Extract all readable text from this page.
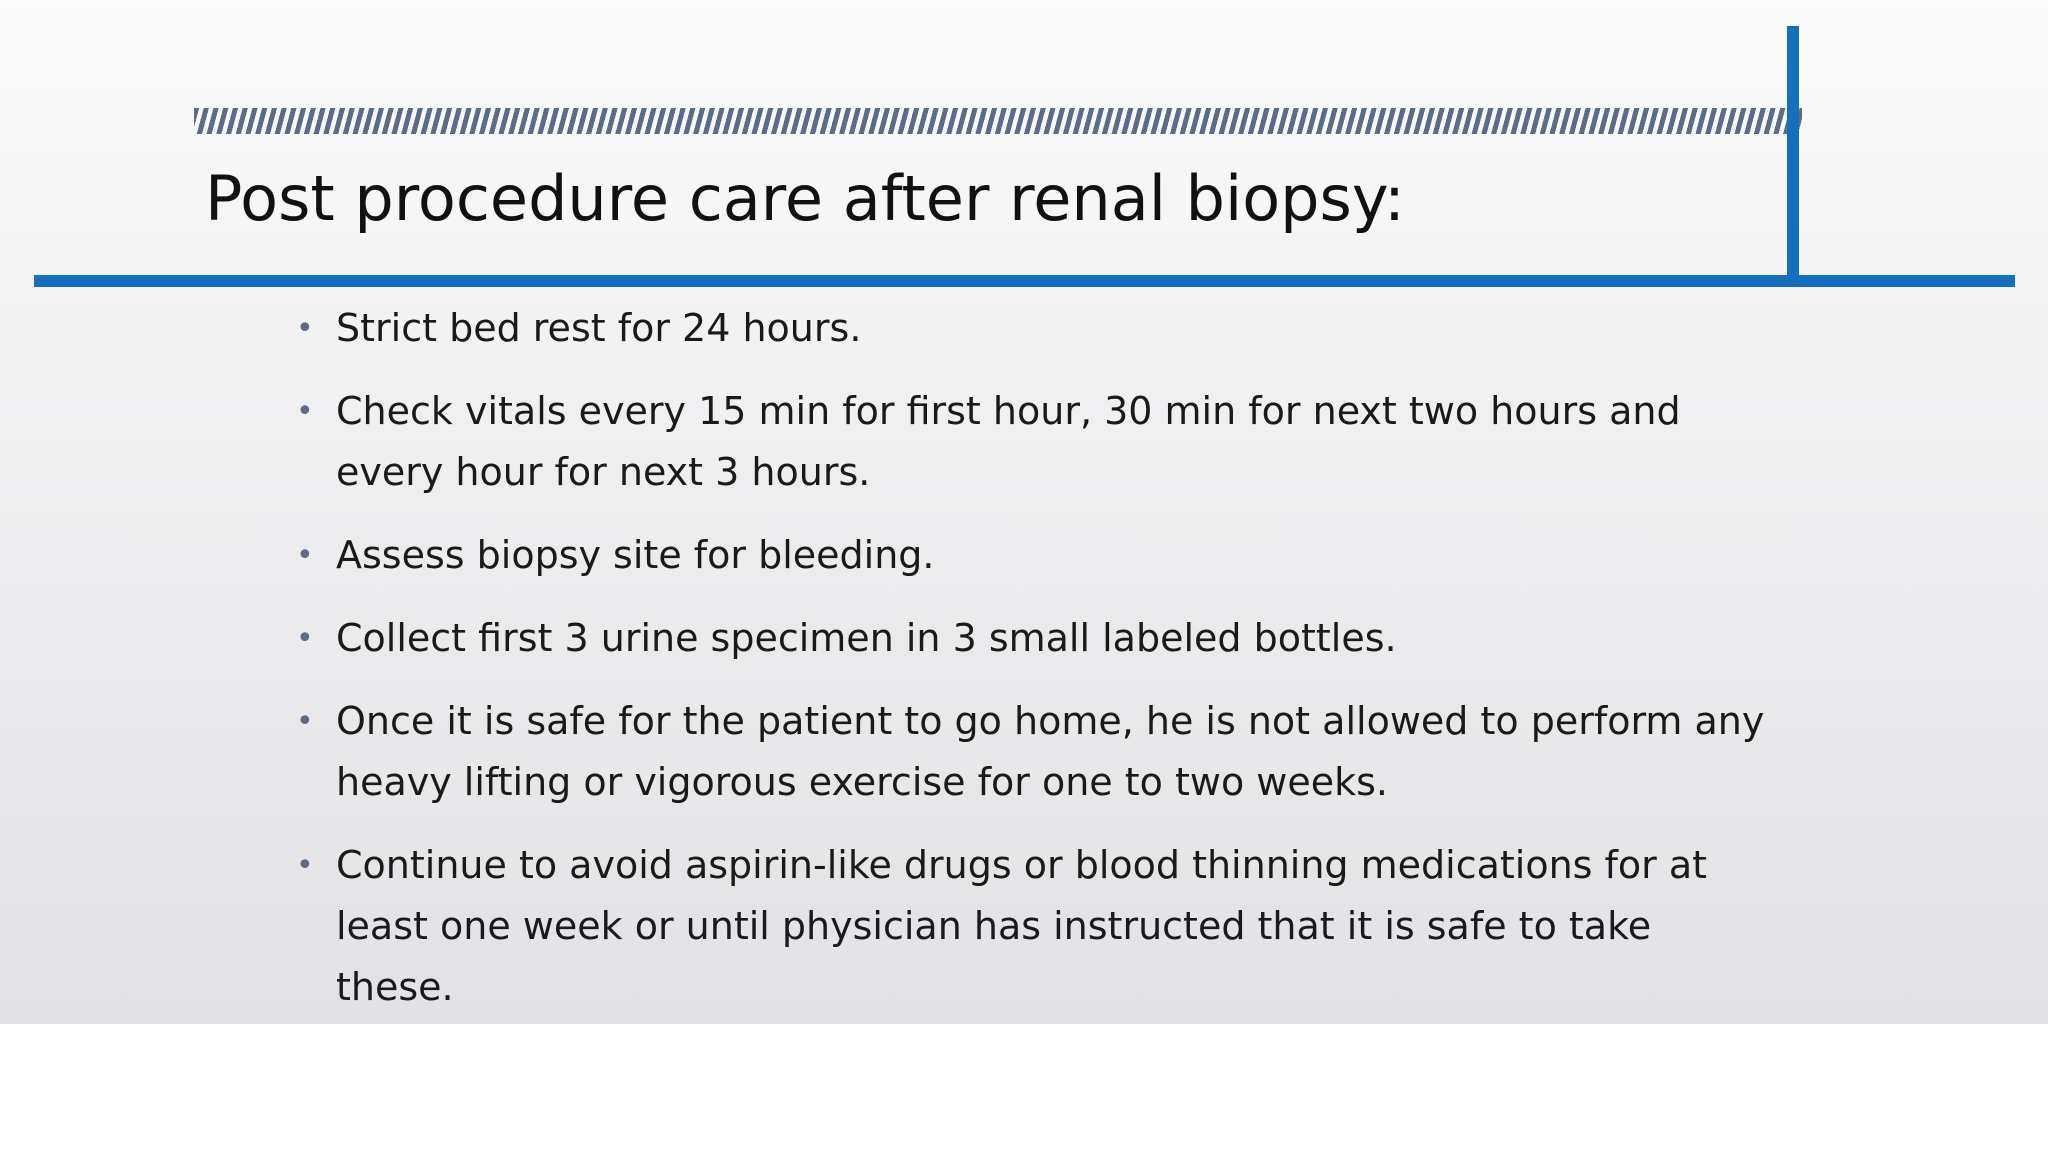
Post procedure care after renal biopsy:
• Strict bed rest for 24 hours.
• Check vitals every 15 min for first hour, 30 min for next two hours and every hour for next 3 hours.
• Assess biopsy site for bleeding.
• Collect first 3 urine specimen in 3 small labeled bottles.
• Once it is safe for the patient to go home, he is not allowed to perform any heavy lifting or vigorous exercise for one to two weeks.
• Continue to avoid aspirin-like drugs or blood thinning medications for at least one week or until physician has instructed that it is safe to take these.
